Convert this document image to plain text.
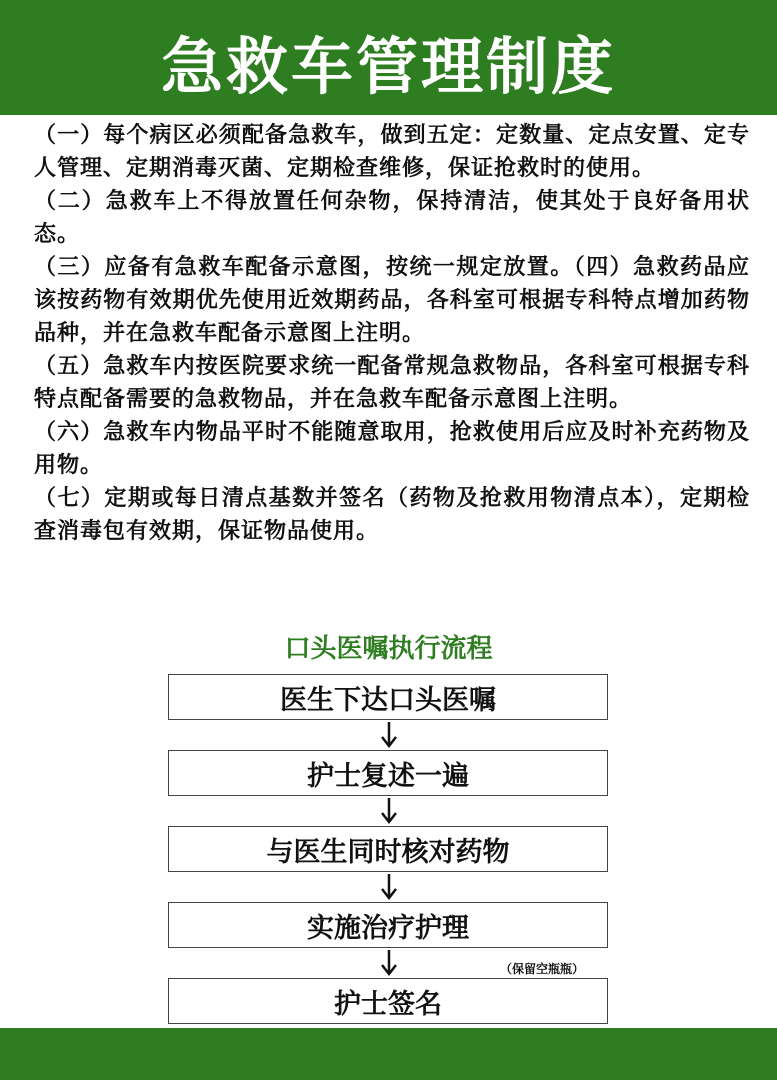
急救车管理制度

（一）每个病区必须配备急救车，做到五定：定数量、定点安置、定专人管理、定期消毒灭菌、定期检查维修，保证抢救时的使用。

（二）急救车上不得放置任何杂物，保持清洁，使其处于良好备用状态。

（三）应备有急救车配备示意图，按统一规定放置。（四）急救药品应该按药物有效期优先使用近效期药品，各科室可根据专科特点增加药物品种，并在急救车配备示意图上注明。

（五）急救车内按医院要求统一配备常规急救物品，各科室可根据专科特点配备需要的急救物品，并在急救车配备示意图上注明。

（六）急救车内物品平时不能随意取用，抢救使用后应及时补充药物及用物。

（七）定期或每日清点基数并签名（药物及抢救用物清点本），定期检查消毒包有效期，保证物品使用。

口头医嘱执行流程
医生下达口头医嘱
护士复述一遍
与医生同时核对药物
实施治疗护理
（保留空瓶瓶）
护士签名
